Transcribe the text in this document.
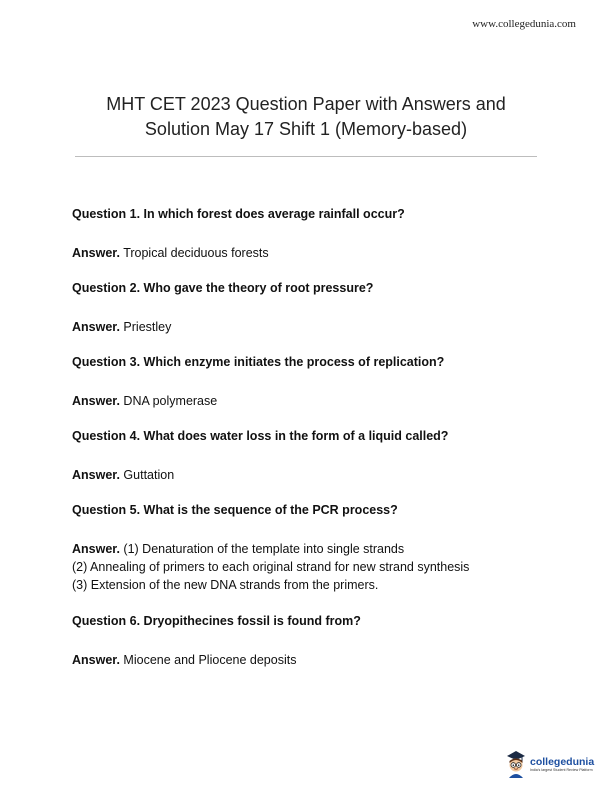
www.collegedunia.com
MHT CET 2023 Question Paper with Answers and
Solution May 17 Shift 1 (Memory-based)
Question 1. In which forest does average rainfall occur?
Answer. Tropical deciduous forests
Question 2. Who gave the theory of root pressure?
Answer. Priestley
Question 3. Which enzyme initiates the process of replication?
Answer. DNA polymerase
Question 4. What does water loss in the form of a liquid called?
Answer. Guttation
Question 5. What is the sequence of the PCR process?
Answer. (1) Denaturation of the template into single strands
(2) Annealing of primers to each original strand for new strand synthesis
(3) Extension of the new DNA strands from the primers.
Question 6. Dryopithecines fossil is found from?
Answer. Miocene and Pliocene deposits
collegedunia
India's largest Student Review Platform
